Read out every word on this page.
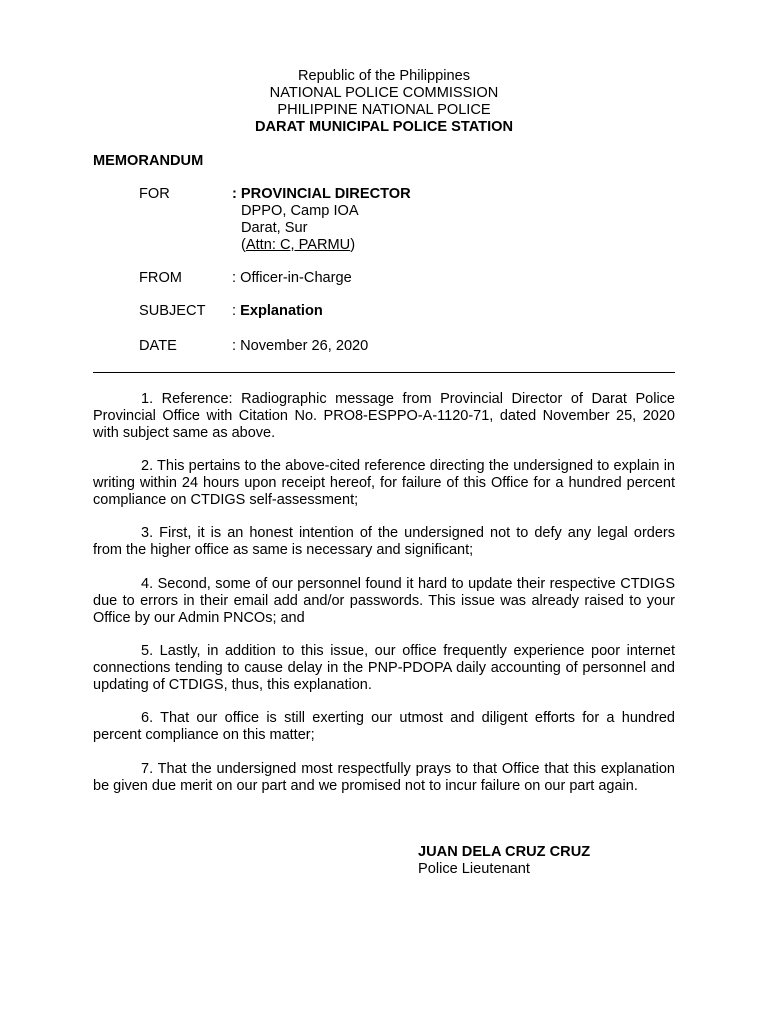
Republic of the Philippines
NATIONAL POLICE COMMISSION
PHILIPPINE NATIONAL POLICE
DARAT MUNICIPAL POLICE STATION
MEMORANDUM
FOR	: PROVINCIAL DIRECTOR
DPPO, Camp IOA
Darat, Sur
(Attn: C, PARMU)
FROM	: Officer-in-Charge
SUBJECT : Explanation
DATE	: November 26, 2020

1. Reference: Radiographic message from Provincial Director of Darat Police Provincial Office with Citation No. PRO8-ESPPO-A-1120-71, dated November 25, 2020 with subject same as above.

2. This pertains to the above-cited reference directing the undersigned to explain in writing within 24 hours upon receipt hereof, for failure of this Office for a hundred percent compliance on CTDIGS self-assessment;

3. First, it is an honest intention of the undersigned not to defy any legal orders from the higher office as same is necessary and significant;

4. Second, some of our personnel found it hard to update their respective CTDIGS due to errors in their email add and/or passwords. This issue was already raised to your Office by our Admin PNCOs; and

5. Lastly, in addition to this issue, our office frequently experience poor internet connections tending to cause delay in the PNP-PDOPA daily accounting of personnel and updating of CTDIGS, thus, this explanation.

6. That our office is still exerting our utmost and diligent efforts for a hundred percent compliance on this matter;

7. That the undersigned most respectfully prays to that Office that this explanation be given due merit on our part and we promised not to incur failure on our part again.

JUAN DELA CRUZ CRUZ
Police Lieutenant
